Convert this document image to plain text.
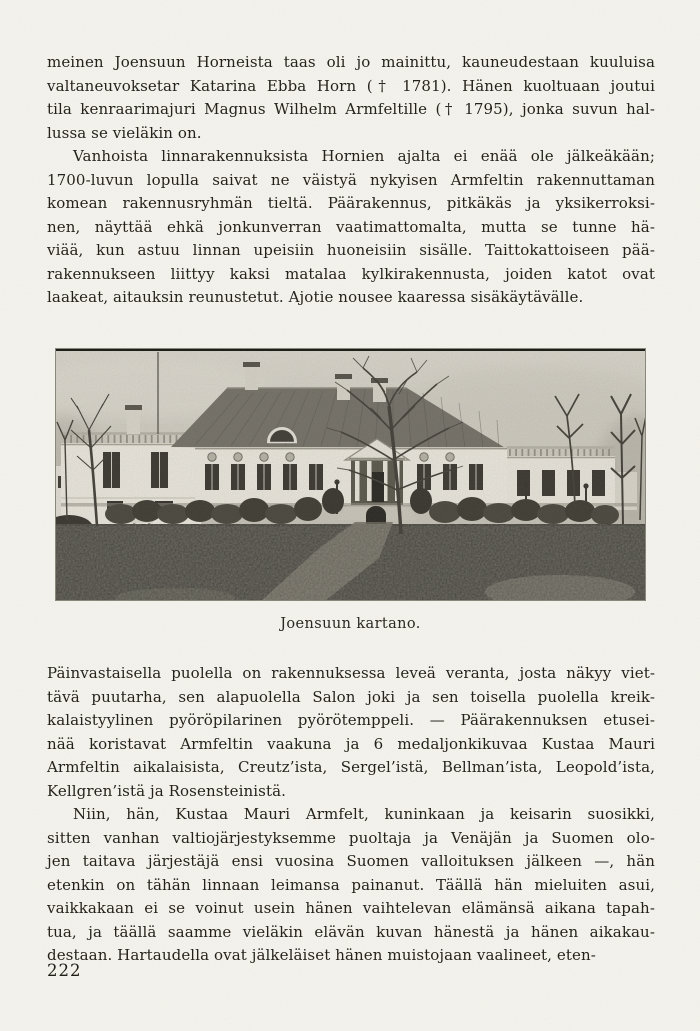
meinen Joensuun Horneista taas oli jo mainittu, kauneudestaan kuuluisa
valtaneuvoksetar Katarina Ebba Horn († 1781). Hänen kuoltuaan joutui
tila kenraarimajuri Magnus Wilhelm Armfeltille († 1795), jonka suvun hal-
lussa se vieläkin on.
Vanhoista linnarakennuksista Hornien ajalta ei enää ole jälkeäkään;
1700-luvun lopulla saivat ne väistyä nykyisen Armfeltin rakennuttaman
komean rakennusryhmän tieltä. Päärakennus, pitkäkäs ja yksikerroksi-
nen, näyttää ehkä jonkunverran vaatimattomalta, mutta se tunne hä-
viää, kun astuu linnan upeisiin huoneisiin sisälle. Taittokattoiseen pää-
rakennukseen liittyy kaksi matalaa kylkirakennusta, joiden katot ovat
laakeat, aitauksin reunustetut. Ajotie nousee kaaressa sisäkäytävälle.
Joensuun kartano.
Päinvastaisella puolella on rakennuksessa leveä veranta, josta näkyy viet-
tävä puutarha, sen alapuolella Salon joki ja sen toisella puolella kreik-
kalaistyylinen pyöröpilarinen pyörötemppeli. — Päärakennuksen etusei-
nää koristavat Armfeltin vaakuna ja 6 medaljonkikuvaa Kustaa Mauri
Armfeltin aikalaisista, Creutz’ista, Sergel’istä, Bellman’ista, Leopold’ista,
Kellgren’istä ja Rosensteinistä.
Niin, hän, Kustaa Mauri Armfelt, kuninkaan ja keisarin suosikki,
sitten vanhan valtiojärjestyksemme puoltaja ja Venäjän ja Suomen olo-
jen taitava järjestäjä ensi vuosina Suomen valloituksen jälkeen —, hän
etenkin on tähän linnaan leimansa painanut. Täällä hän mieluiten asui,
vaikkakaan ei se voinut usein hänen vaihtelevan elämänsä aikana tapah-
tua, ja täällä saamme vieläkin elävän kuvan hänestä ja hänen aikakau-
destaan. Hartaudella ovat jälkeläiset hänen muistojaan vaalineet, eten-
222
